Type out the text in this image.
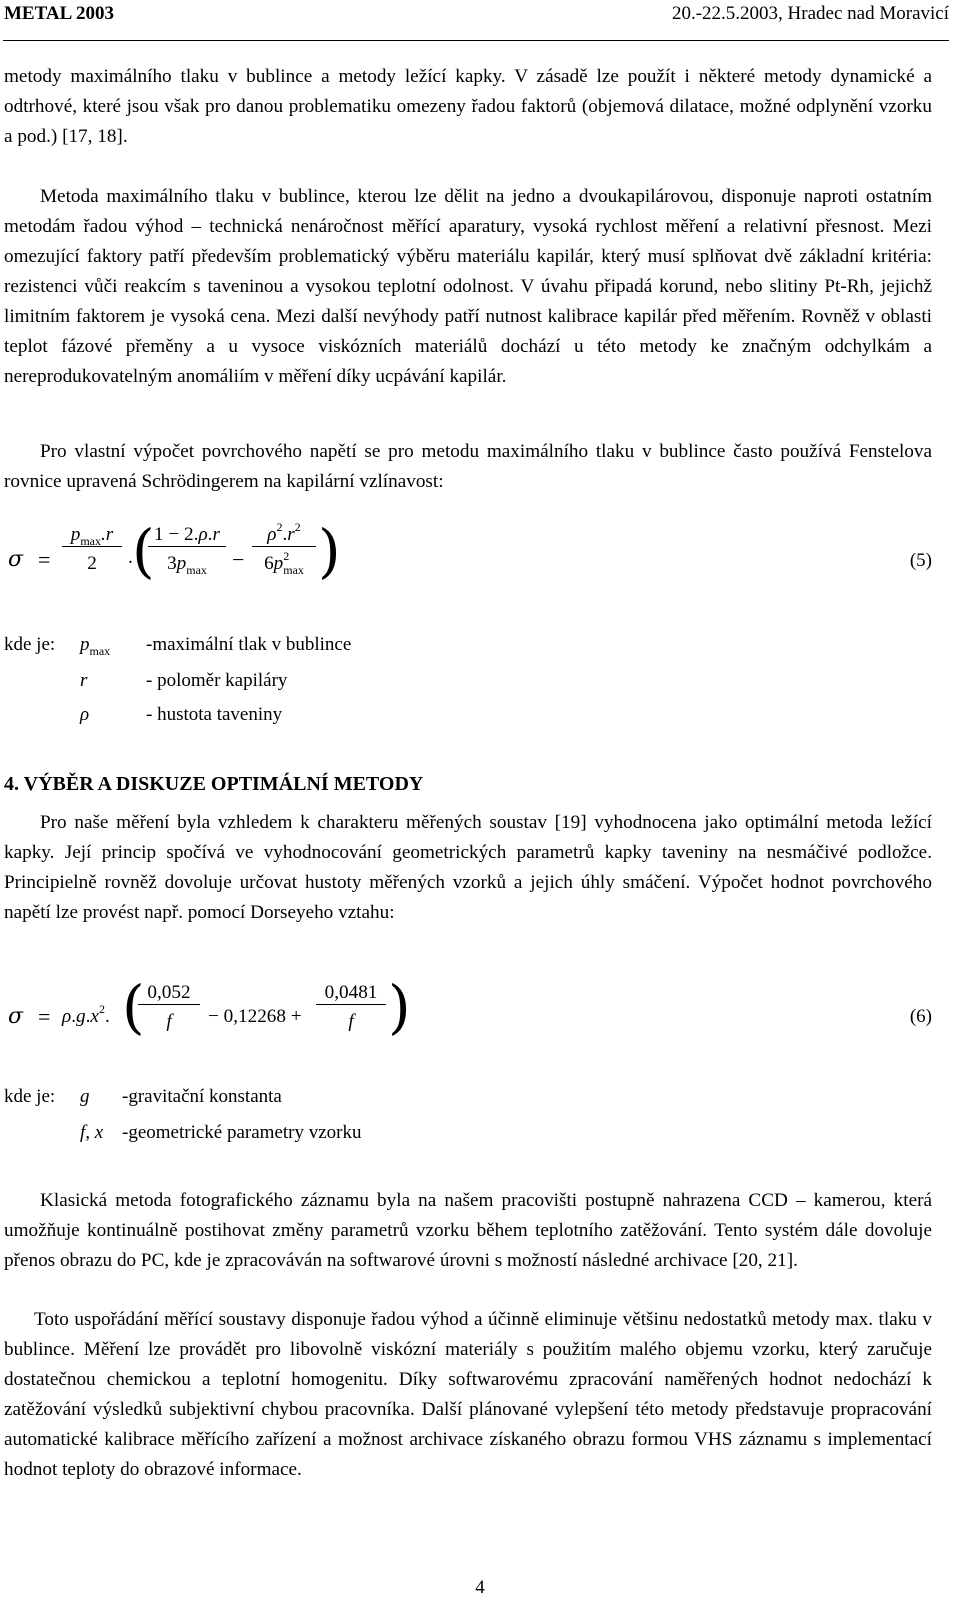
METAL 2003	20.-22.5.2003, Hradec nad Moravicí

metody maximálního tlaku v bublince a metody ležící kapky. V zásadě lze použít i některé metody dynamické a odtrhové, které jsou však pro danou problematiku omezeny řadou faktorů (objemová dilatace, možné odplynění vzorku a pod.) [17, 18].

Metoda maximálního tlaku v bublince, kterou lze dělit na jedno a dvoukapilárovou, disponuje naproti ostatním metodám řadou výhod – technická nenáročnost měřící aparatury, vysoká rychlost měření a relativní přesnost. Mezi omezující faktory patří především problematický výběru materiálu kapilár, který musí splňovat dvě základní kritéria: rezistenci vůči reakcím s taveninou a vysokou teplotní odolnost. V úvahu připadá korund, nebo slitiny Pt-Rh, jejichž limitním faktorem je vysoká cena. Mezi další nevýhody patří nutnost kalibrace kapilár před měřením. Rovněž v oblasti teplot fázové přeměny a u vysoce viskózních materiálů dochází u této metody ke značným odchylkám a nereprodukovatelným anomáliím v měření díky ucpávání kapilár.

Pro vlastní výpočet povrchového napětí se pro metodu maximálního tlaku v bublince často používá Fenstelova rovnice upravená Schrödingerem na kapilární vzlínavost:

σ =
$p_{max}.r$
2	. ( 1 − 2.ρ.r
$3p_{max}$	−
$\rho^2.r^2$
$6p^2_{max}$ )	(5)
kde je: $p_{max}$ -maximální tlak v bublince
r	- poloměr kapiláry
ρ	- hustota taveniny
4. VÝBĚR A DISKUZE OPTIMÁLNÍ METODY

Pro naše měření byla vzhledem k charakteru měřených soustav [19] vyhodnocena jako optimální metoda ležící kapky. Její princip spočívá ve vyhodnocování geometrických parametrů kapky taveniny na nesmáčivé podložce. Principielně rovněž dovoluje určovat hustoty měřených vzorků a jejich úhly smáčení. Výpočet hodnot povrchového napětí lze provést např. pomocí Dorseyeho vztahu:

$\sigma = \rho.g.x^2$. ( 0,052
f	− 0,12268 +
0,0481
f )	(6)
kde je: g -gravitační konstanta
f, x -geometrické parametry vzorku

Klasická metoda fotografického záznamu byla na našem pracovišti postupně nahrazena CCD – kamerou, která umožňuje kontinuálně postihovat změny parametrů vzorku během teplotního zatěžování. Tento systém dále dovoluje přenos obrazu do PC, kde je zpracováván na softwarové úrovni s možností následné archivace [20, 21].

Toto uspořádání měřící soustavy disponuje řadou výhod a účinně eliminuje většinu nedostatků metody max. tlaku v bublince. Měření lze provádět pro libovolně viskózní materiály s použitím malého objemu vzorku, který zaručuje dostatečnou chemickou a teplotní homogenitu. Díky softwarovému zpracování naměřených hodnot nedochází k zatěžování výsledků subjektivní chybou pracovníka. Další plánované vylepšení této metody představuje propracování automatické kalibrace měřícího zařízení a možnost archivace získaného obrazu formou VHS záznamu s implementací hodnot teploty do obrazové informace.

4
